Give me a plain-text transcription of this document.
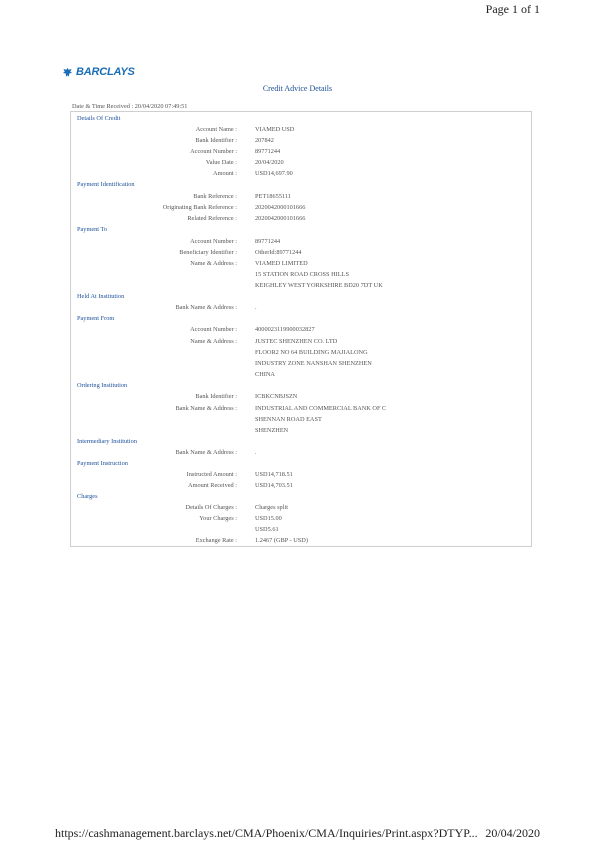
Page 1 of 1
BARCLAYS
Credit Advice Details
Date & Time Received : 20/04/2020 07:49:51
Details Of Credit
Account Name :	VIAMED USD
Bank Identifier :	207842
Account Number :	89771244
Value Date :	20/04/2020
Amount :	USD14,697.90
Payment Identification
Bank Reference :	PET18655111
Originating Bank Reference :	2020042000101666
Related Reference :	2020042000101666
Payment To
Account Number :	89771244
Beneficiary Identifier :	OtherId:89771244
Name & Address :	VIAMED LIMITED
15 STATION ROAD CROSS HILLS
KEIGHLEY WEST YORKSHIRE BD20 7DT UK
Held At Institution
Bank Name & Address :	.
Payment From
Account Number :	4000023119900032827
Name & Address :	JUSTEC SHENZHEN CO. LTD
FLOOR2 NO 64 BUILDING MAJIALONG
INDUSTRY ZONE NANSHAN SHENZHEN
CHINA
Ordering Institution
Bank Identifier :	ICBKCNBJSZN
Bank Name & Address :	INDUSTRIAL AND COMMERCIAL BANK OF C
SHENNAN ROAD EAST
SHENZHEN
Intermediary Institution
Bank Name & Address :	.
Payment Instruction
Instructed Amount :	USD14,718.51
Amount Received :	USD14,703.51
Charges
Details Of Charges :	Charges split
Your Charges :	USD15.00
USD5.61
Exchange Rate :	1.2467 (GBP - USD)
https://cashmanagement.barclays.net/CMA/Phoenix/CMA/Inquiries/Print.aspx?DTYP... 20/04/2020
